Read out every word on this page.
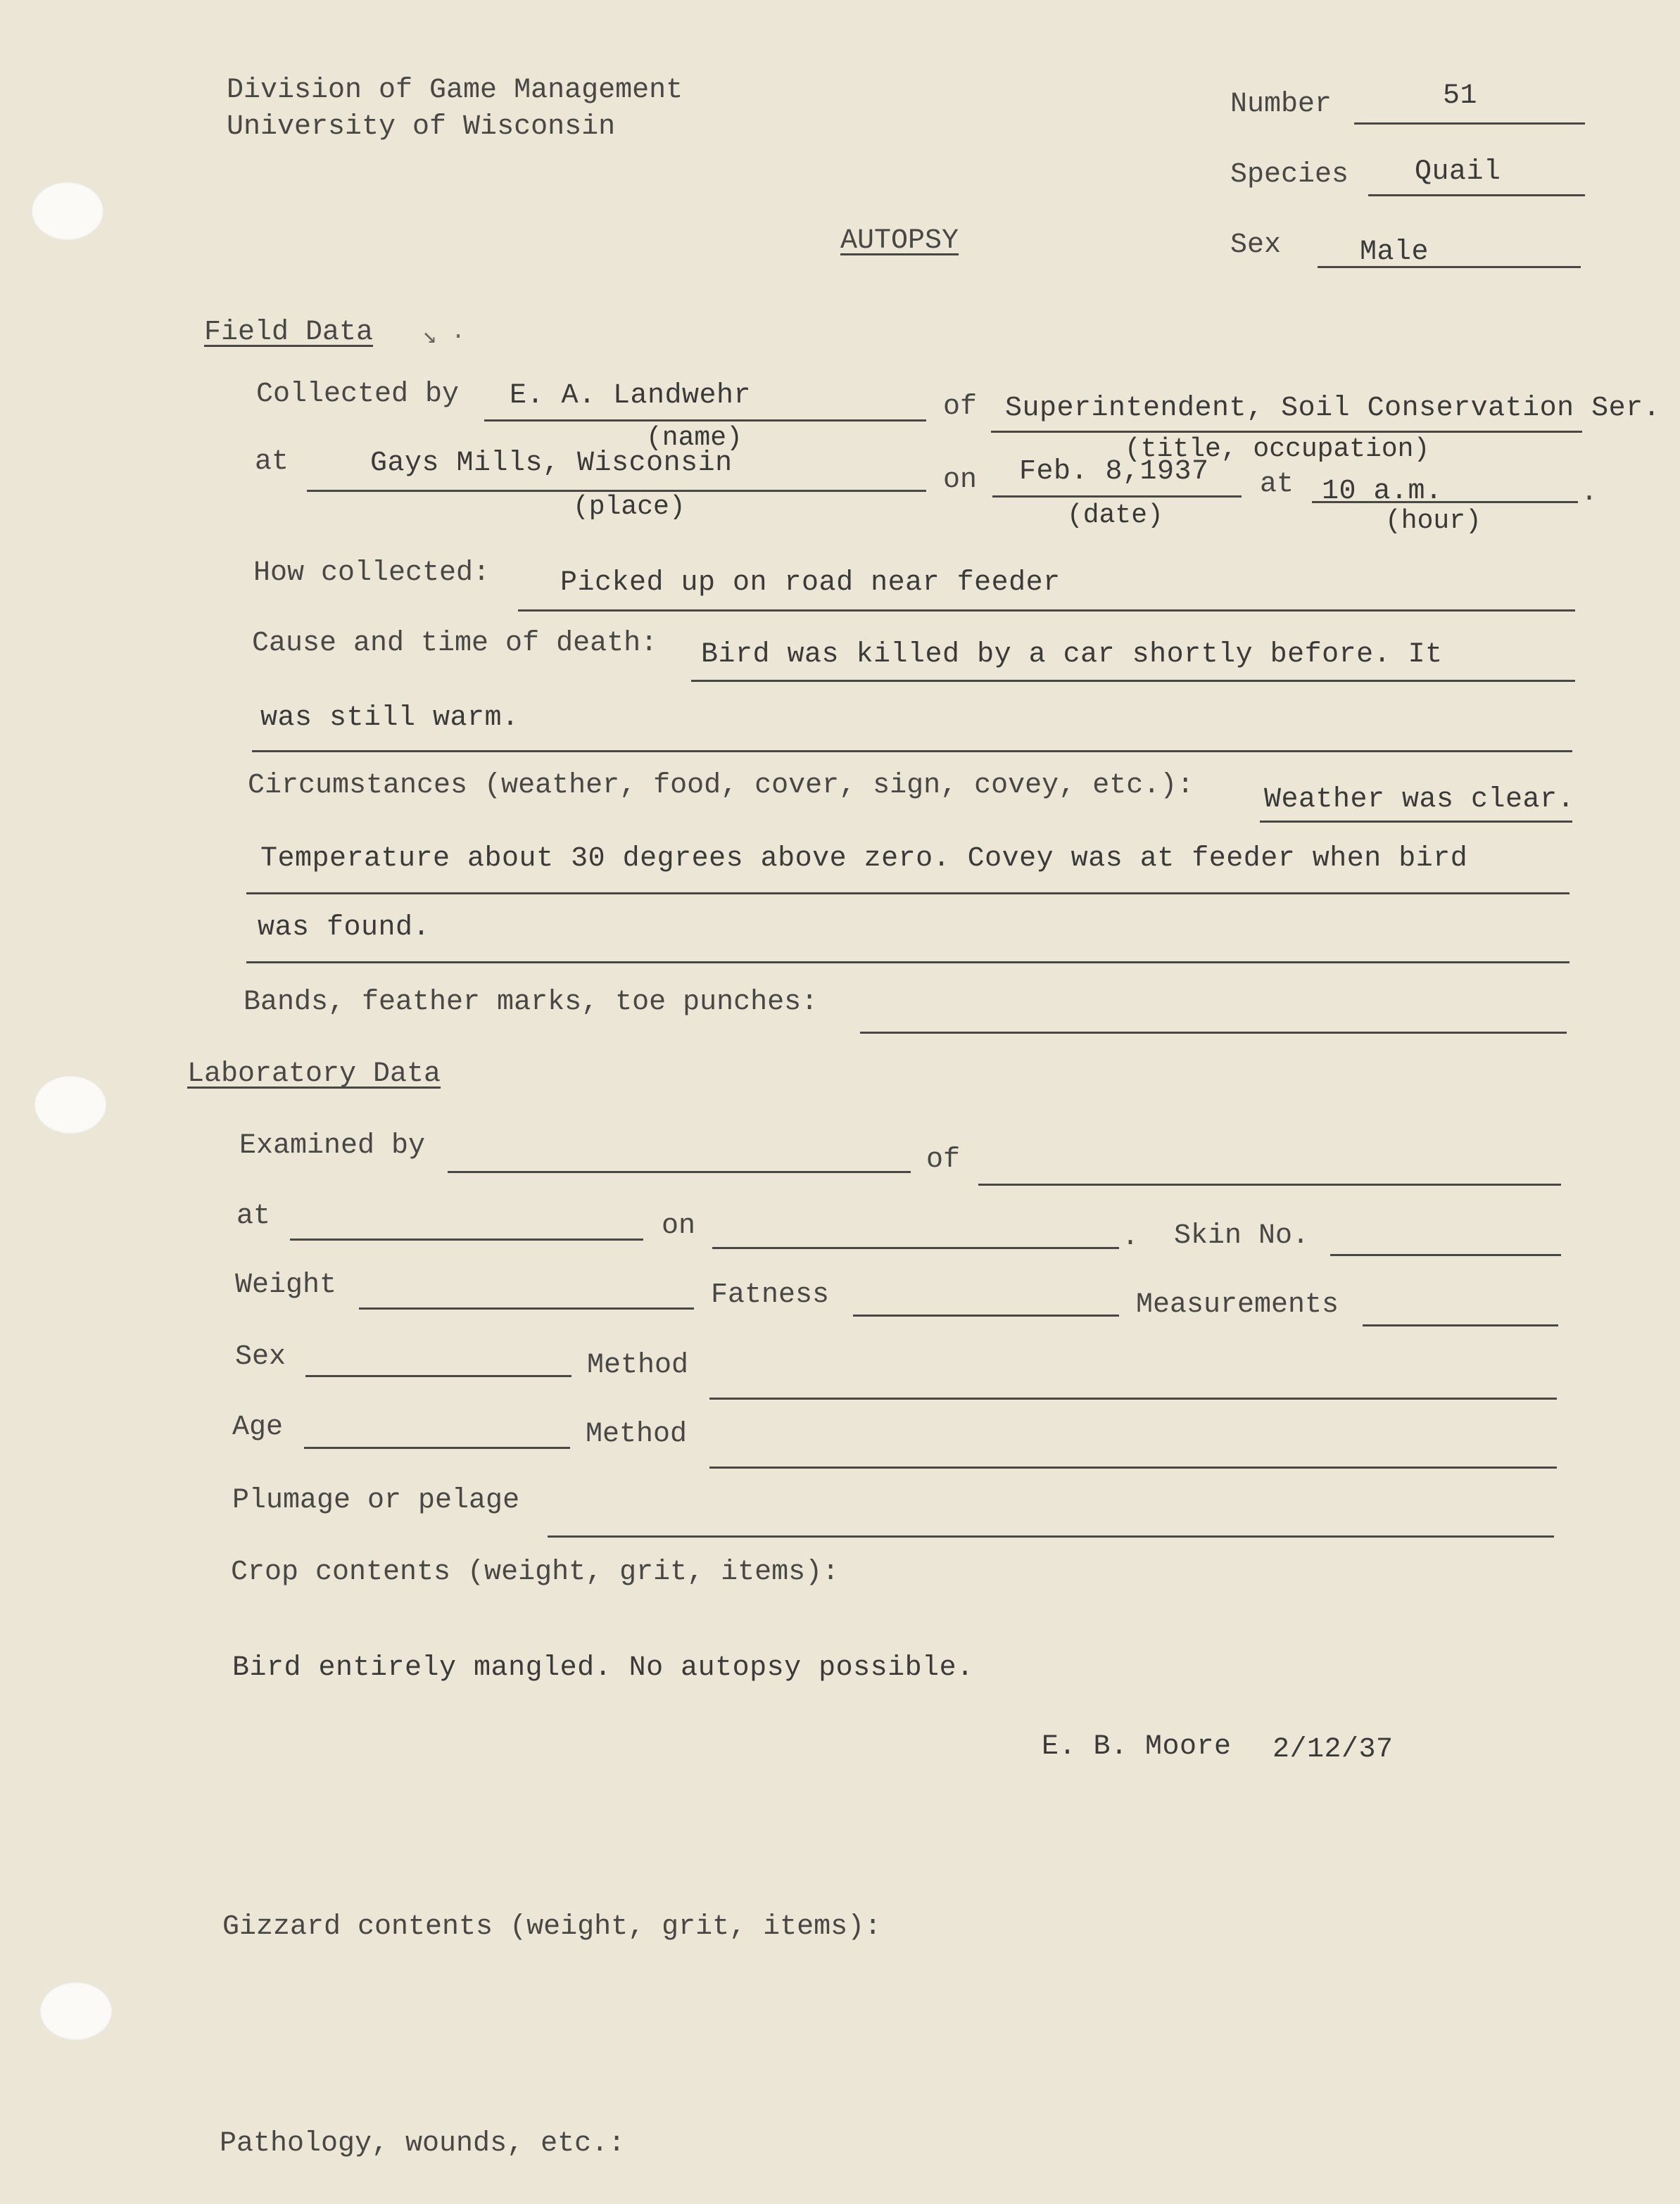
Division of Game Management
University of Wisconsin
AUTOPSY
Number	51
Species Quail
Sex	Male
Field Data ↘ ·
Collected by E. A. Landwehr
(name)
of Superintendent, Soil Conservation Ser.
(title, occupation)
at	Gays Mills, Wisconsin
(place)
on Feb. 8,1937
(date)
at 10 a.m.	.
(hour)
How collected: Picked up on road near feeder
Cause and time of death: Bird was killed by a car shortly before. It
was still warm.
Circumstances (weather, food, cover, sign, covey, etc.): Weather was clear.
Temperature about 30 degrees above zero. Covey was at feeder when bird
was found.
Bands, feather marks, toe punches:
Laboratory Data
Examined by	of
at	on	. Skin No.
Weight	Fatness	Measurements
Sex	Method
Age	Method
Plumage or pelage
Crop contents (weight, grit, items):
Bird entirely mangled. No autopsy possible.
E. B. Moore 2/12/37
Gizzard contents (weight, grit, items):
Pathology, wounds, etc.:
